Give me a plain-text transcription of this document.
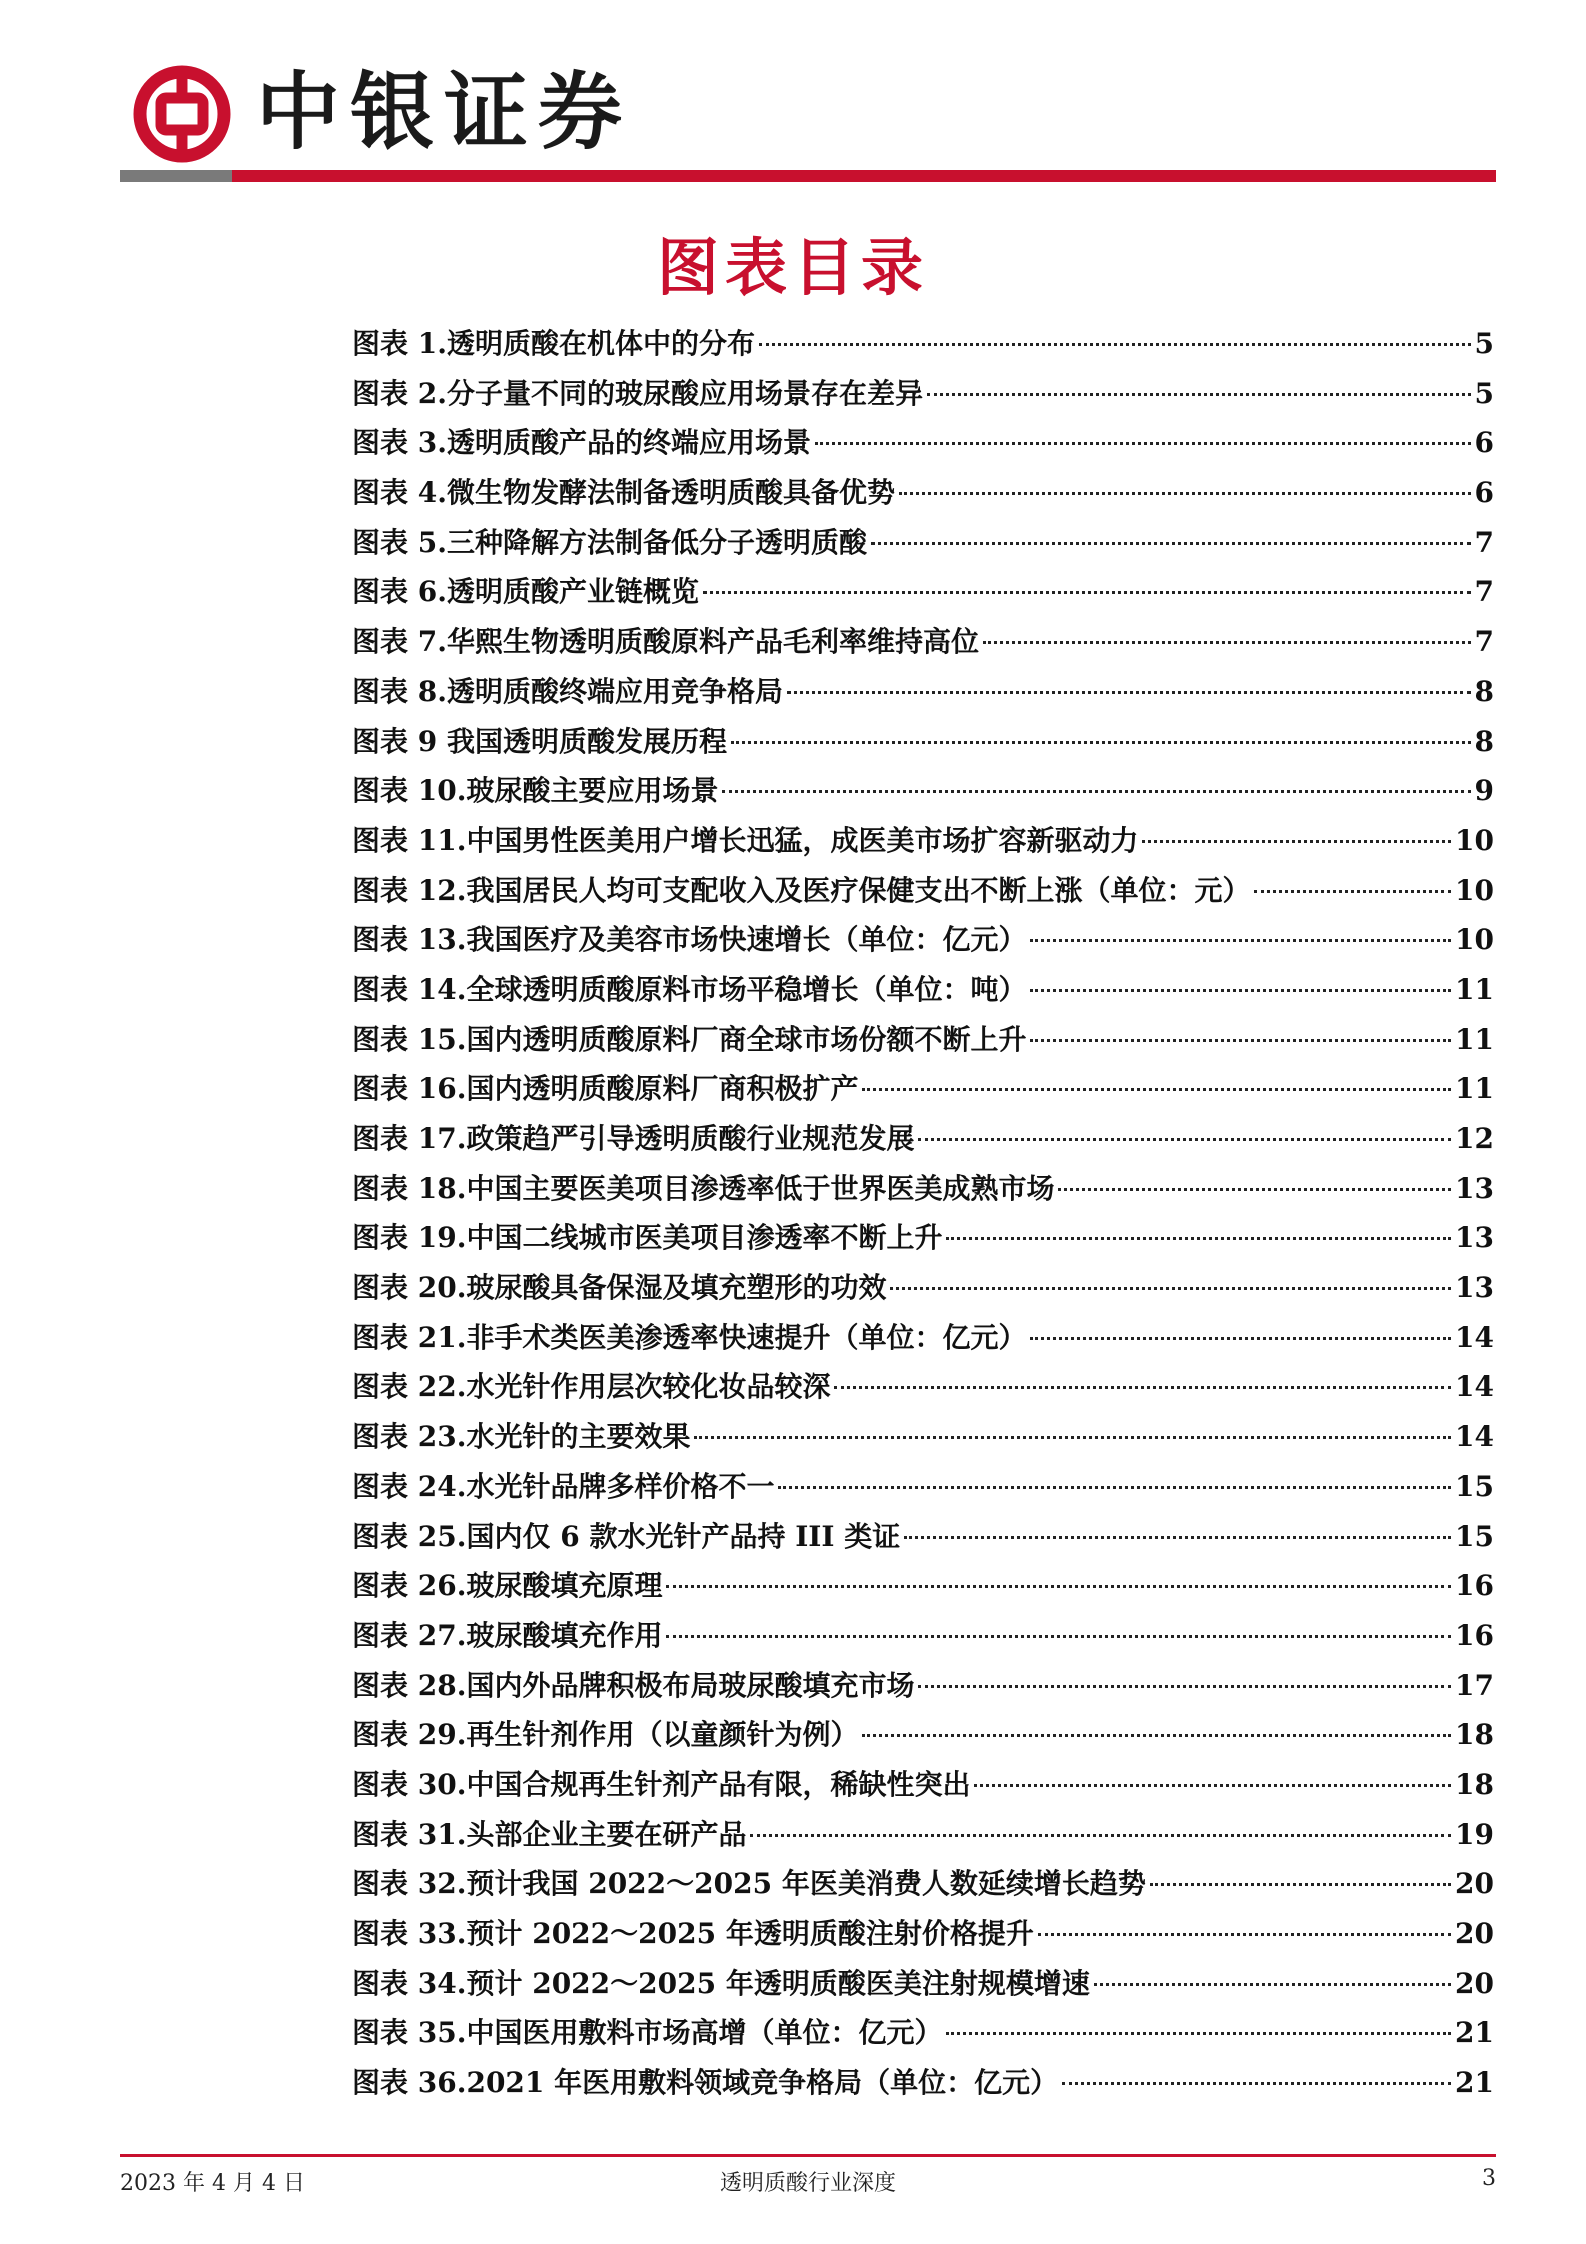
中银证券
图表目录
图表 1.透明质酸在机体中的分布	5
图表 2.分子量不同的玻尿酸应用场景存在差异	5
图表 3.透明质酸产品的终端应用场景	6
图表 4.微生物发酵法制备透明质酸具备优势	6
图表 5.三种降解方法制备低分子透明质酸	7
图表 6.透明质酸产业链概览	7
图表 7.华熙生物透明质酸原料产品毛利率维持高位	7
图表 8.透明质酸终端应用竞争格局	8
图表 9 我国透明质酸发展历程	8
图表 10.玻尿酸主要应用场景	9
图表 11.中国男性医美用户增长迅猛，成医美市场扩容新驱动力	10
图表 12.我国居民人均可支配收入及医疗保健支出不断上涨（单位：元）	10
图表 13.我国医疗及美容市场快速增长（单位：亿元）	10
图表 14.全球透明质酸原料市场平稳增长（单位：吨）	11
图表 15.国内透明质酸原料厂商全球市场份额不断上升	11
图表 16.国内透明质酸原料厂商积极扩产	11
图表 17.政策趋严引导透明质酸行业规范发展	12
图表 18.中国主要医美项目渗透率低于世界医美成熟市场	13
图表 19.中国二线城市医美项目渗透率不断上升	13
图表 20.玻尿酸具备保湿及填充塑形的功效	13
图表 21.非手术类医美渗透率快速提升（单位：亿元）	14
图表 22.水光针作用层次较化妆品较深	14
图表 23.水光针的主要效果	14
图表 24.水光针品牌多样价格不一	15
图表 25.国内仅 6 款水光针产品持 III 类证	15
图表 26.玻尿酸填充原理	16
图表 27.玻尿酸填充作用	16
图表 28.国内外品牌积极布局玻尿酸填充市场	17
图表 29.再生针剂作用（以童颜针为例）	18
图表 30.中国合规再生针剂产品有限，稀缺性突出	18
图表 31.头部企业主要在研产品	19
图表 32.预计我国 2022～2025 年医美消费人数延续增长趋势	20
图表 33.预计 2022～2025 年透明质酸注射价格提升	20
图表 34.预计 2022～2025 年透明质酸医美注射规模增速	20
图表 35.中国医用敷料市场高增（单位：亿元）	21
图表 36.2021 年医用敷料领域竞争格局（单位：亿元）	21
2023 年 4 月 4 日	透明质酸行业深度	3
